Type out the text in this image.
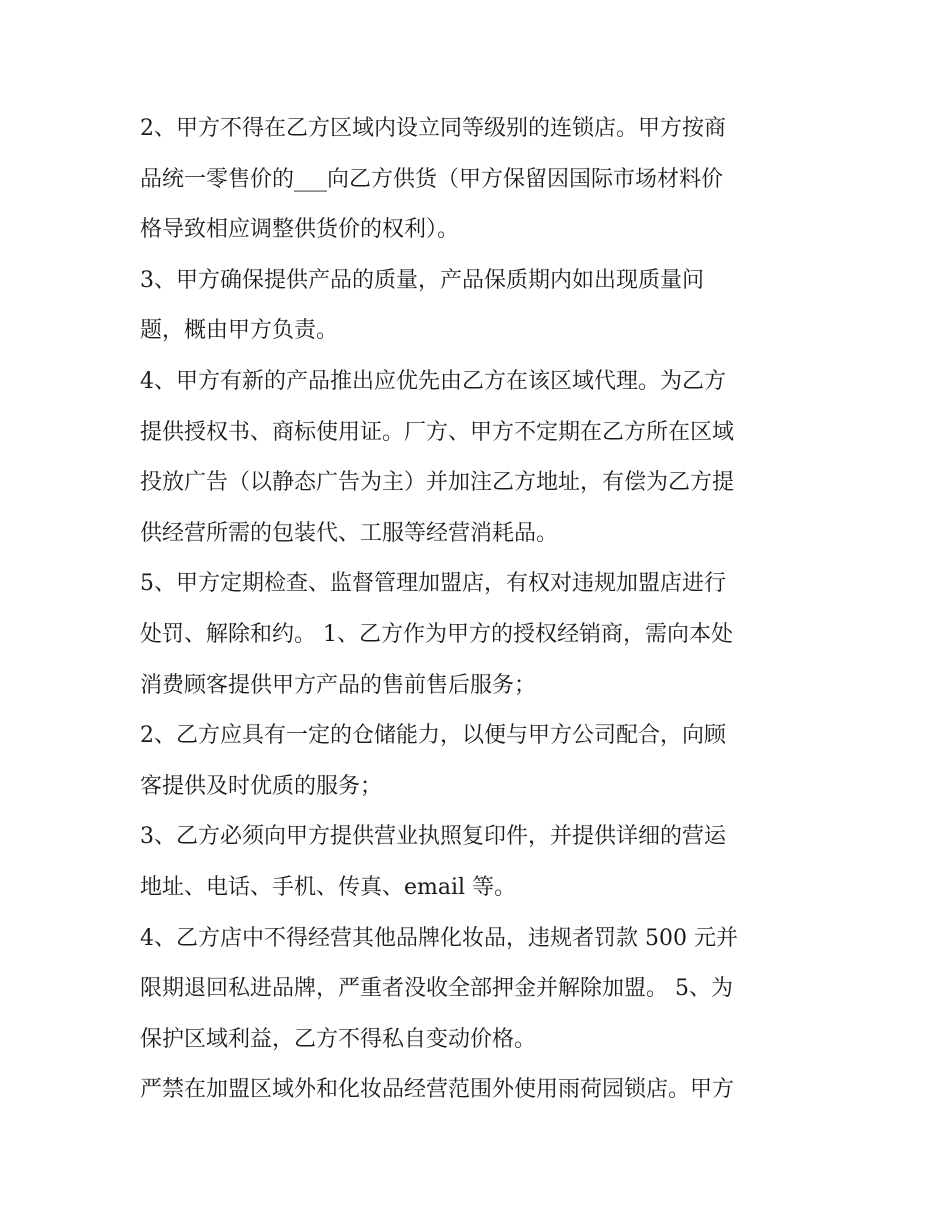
2、甲方不得在乙方区域内设立同等级别的连锁店。甲方按商
品统一零售价的___向乙方供货（甲方保留因国际市场材料价
格导致相应调整供货价的权利）。
3、甲方确保提供产品的质量，产品保质期内如出现质量问
题，概由甲方负责。
4、甲方有新的产品推出应优先由乙方在该区域代理。为乙方
提供授权书、商标使用证。厂方、甲方不定期在乙方所在区域
投放广告（以静态广告为主）并加注乙方地址，有偿为乙方提
供经营所需的包装代、工服等经营消耗品。
5、甲方定期检查、监督管理加盟店，有权对违规加盟店进行
处罚、解除和约。 1、乙方作为甲方的授权经销商，需向本处
消费顾客提供甲方产品的售前售后服务；
2、乙方应具有一定的仓储能力，以便与甲方公司配合，向顾
客提供及时优质的服务；
3、乙方必须向甲方提供营业执照复印件，并提供详细的营运
地址、电话、手机、传真、email 等。
4、乙方店中不得经营其他品牌化妆品，违规者罚款 500 元并
限期退回私进品牌，严重者没收全部押金并解除加盟。 5、为
保护区域利益，乙方不得私自变动价格。
严禁在加盟区域外和化妆品经营范围外使用雨荷园锁店。甲方
